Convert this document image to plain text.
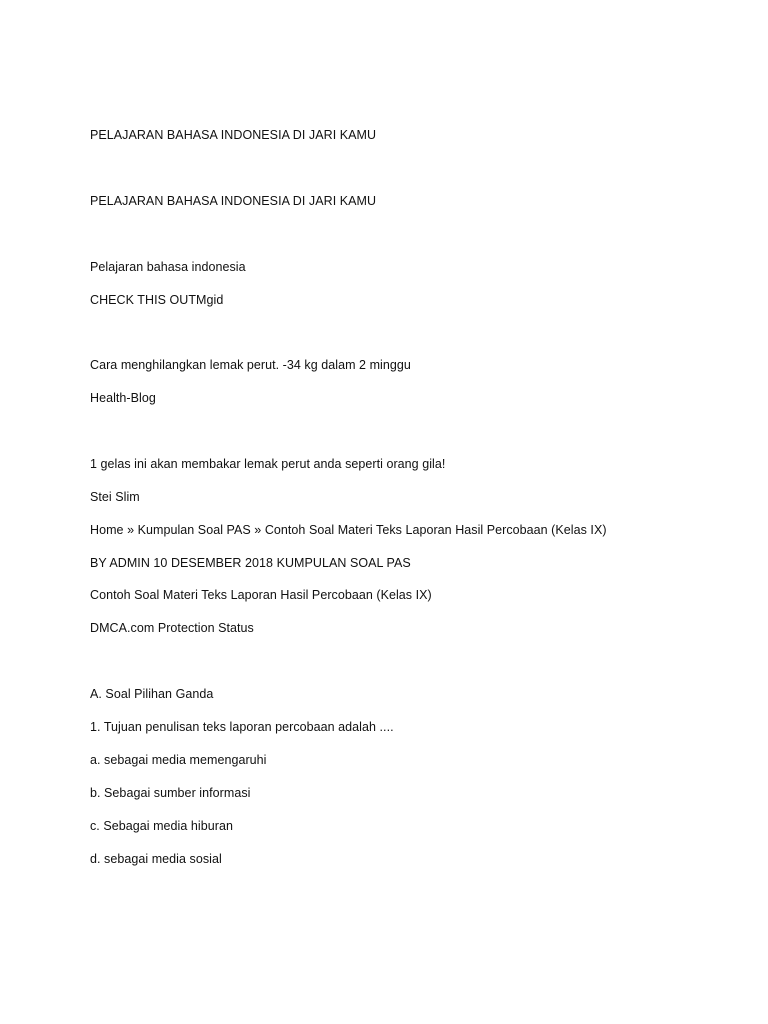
PELAJARAN BAHASA INDONESIA DI JARI KAMU
PELAJARAN BAHASA INDONESIA DI JARI KAMU
Pelajaran bahasa indonesia
CHECK THIS OUTMgid
Cara menghilangkan lemak perut. -34 kg dalam 2 minggu
Health-Blog
1 gelas ini akan membakar lemak perut anda seperti orang gila!
Stei Slim
Home » Kumpulan Soal PAS » Contoh Soal Materi Teks Laporan Hasil Percobaan (Kelas IX)
BY ADMIN 10 DESEMBER 2018 KUMPULAN SOAL PAS
Contoh Soal Materi Teks Laporan Hasil Percobaan (Kelas IX)
DMCA.com Protection Status
A. Soal Pilihan Ganda
1. Tujuan penulisan teks laporan percobaan adalah ....
a. sebagai media memengaruhi
b. Sebagai sumber informasi
c. Sebagai media hiburan
d. sebagai media sosial
